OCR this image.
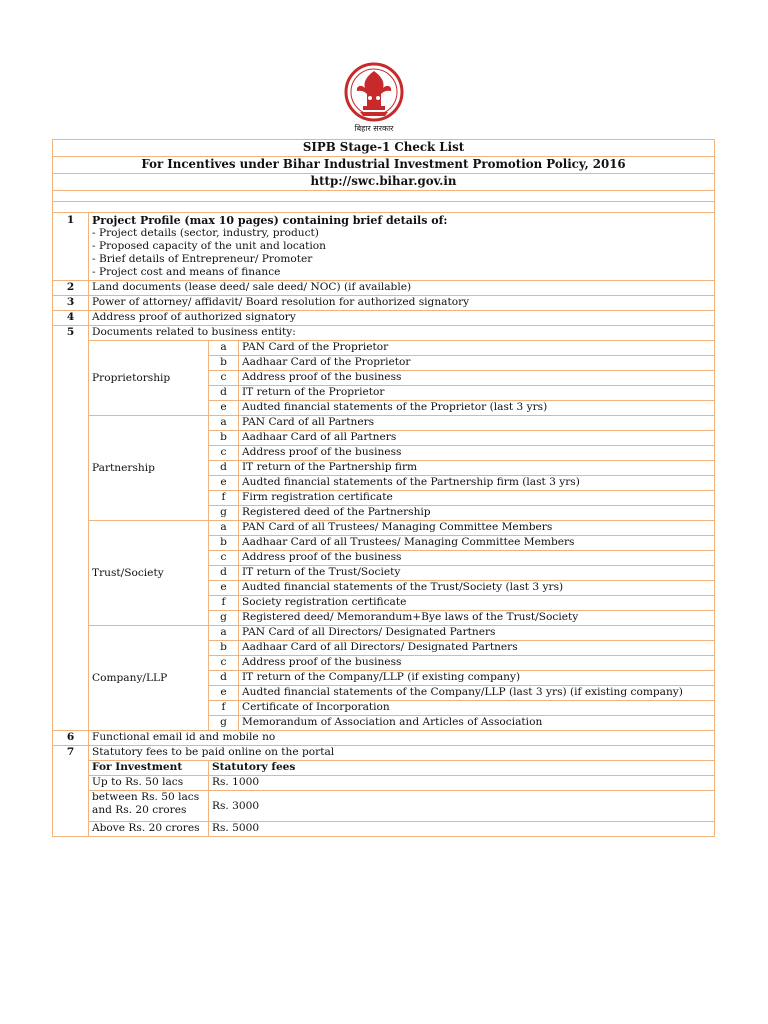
बिहार सरकार
SIPB Stage-1 Check List			
For Incentives under Bihar Industrial Investment Promotion Policy, 2016			
http://swc.bihar.gov.in			

1	Project Profile (max 10 pages) containing brief details of:
- Project details (sector, industry, product)
- Proposed capacity of the unit and location
- Brief details of Entrepreneur/ Promoter
- Project cost and means of finance		

2	Land documents (lease deed/ sale deed/ NOC) (if available)		
3	Power of attorney/ affidavit/ Board resolution for authorized signatory		
4	Address proof of authorized signatory		
5	Documents related to business entity:		
	Proprietorship	a	PAN Card of the Proprietor
		b	Aadhaar Card of the Proprietor
		c	Address proof of the business
		d	IT return of the Proprietor
		e	Audted financial statements of the Proprietor (last 3 yrs)
	Partnership	a	PAN Card of all Partners
		b	Aadhaar Card of all Partners
		c	Address proof of the business
		d	IT return of the Partnership firm
		e	Audted financial statements of the Partnership firm (last 3 yrs)
		f	Firm registration certificate
		g	Registered deed of the Partnership
	Trust/Society	a	PAN Card of all Trustees/ Managing Committee Members
		b	Aadhaar Card of all Trustees/ Managing Committee Members
		c	Address proof of the business
		d	IT return of the Trust/Society
		e	Audted financial statements of the Trust/Society (last 3 yrs)
		f	Society registration certificate
		g	Registered deed/ Memorandum+Bye laws of the Trust/Society
	Company/LLP	a	PAN Card of all Directors/ Designated Partners
		b	Aadhaar Card of all Directors/ Designated Partners
		c	Address proof of the business
		d	IT return of the Company/LLP (if existing company)
		e	Audted financial statements of the Company/LLP (last 3 yrs) (if existing company)
		f	Certificate of Incorporation
		g	Memorandum of Association and Articles of Association
6	Functional email id and mobile no		
7	Statutory fees to be paid online on the portal		
	For Investment	Statutory fees	
	Up to Rs. 50 lacs	Rs. 1000	
	between Rs. 50 lacs and Rs. 20 crores	Rs. 3000	
	Above Rs. 20 crores	Rs. 5000	
